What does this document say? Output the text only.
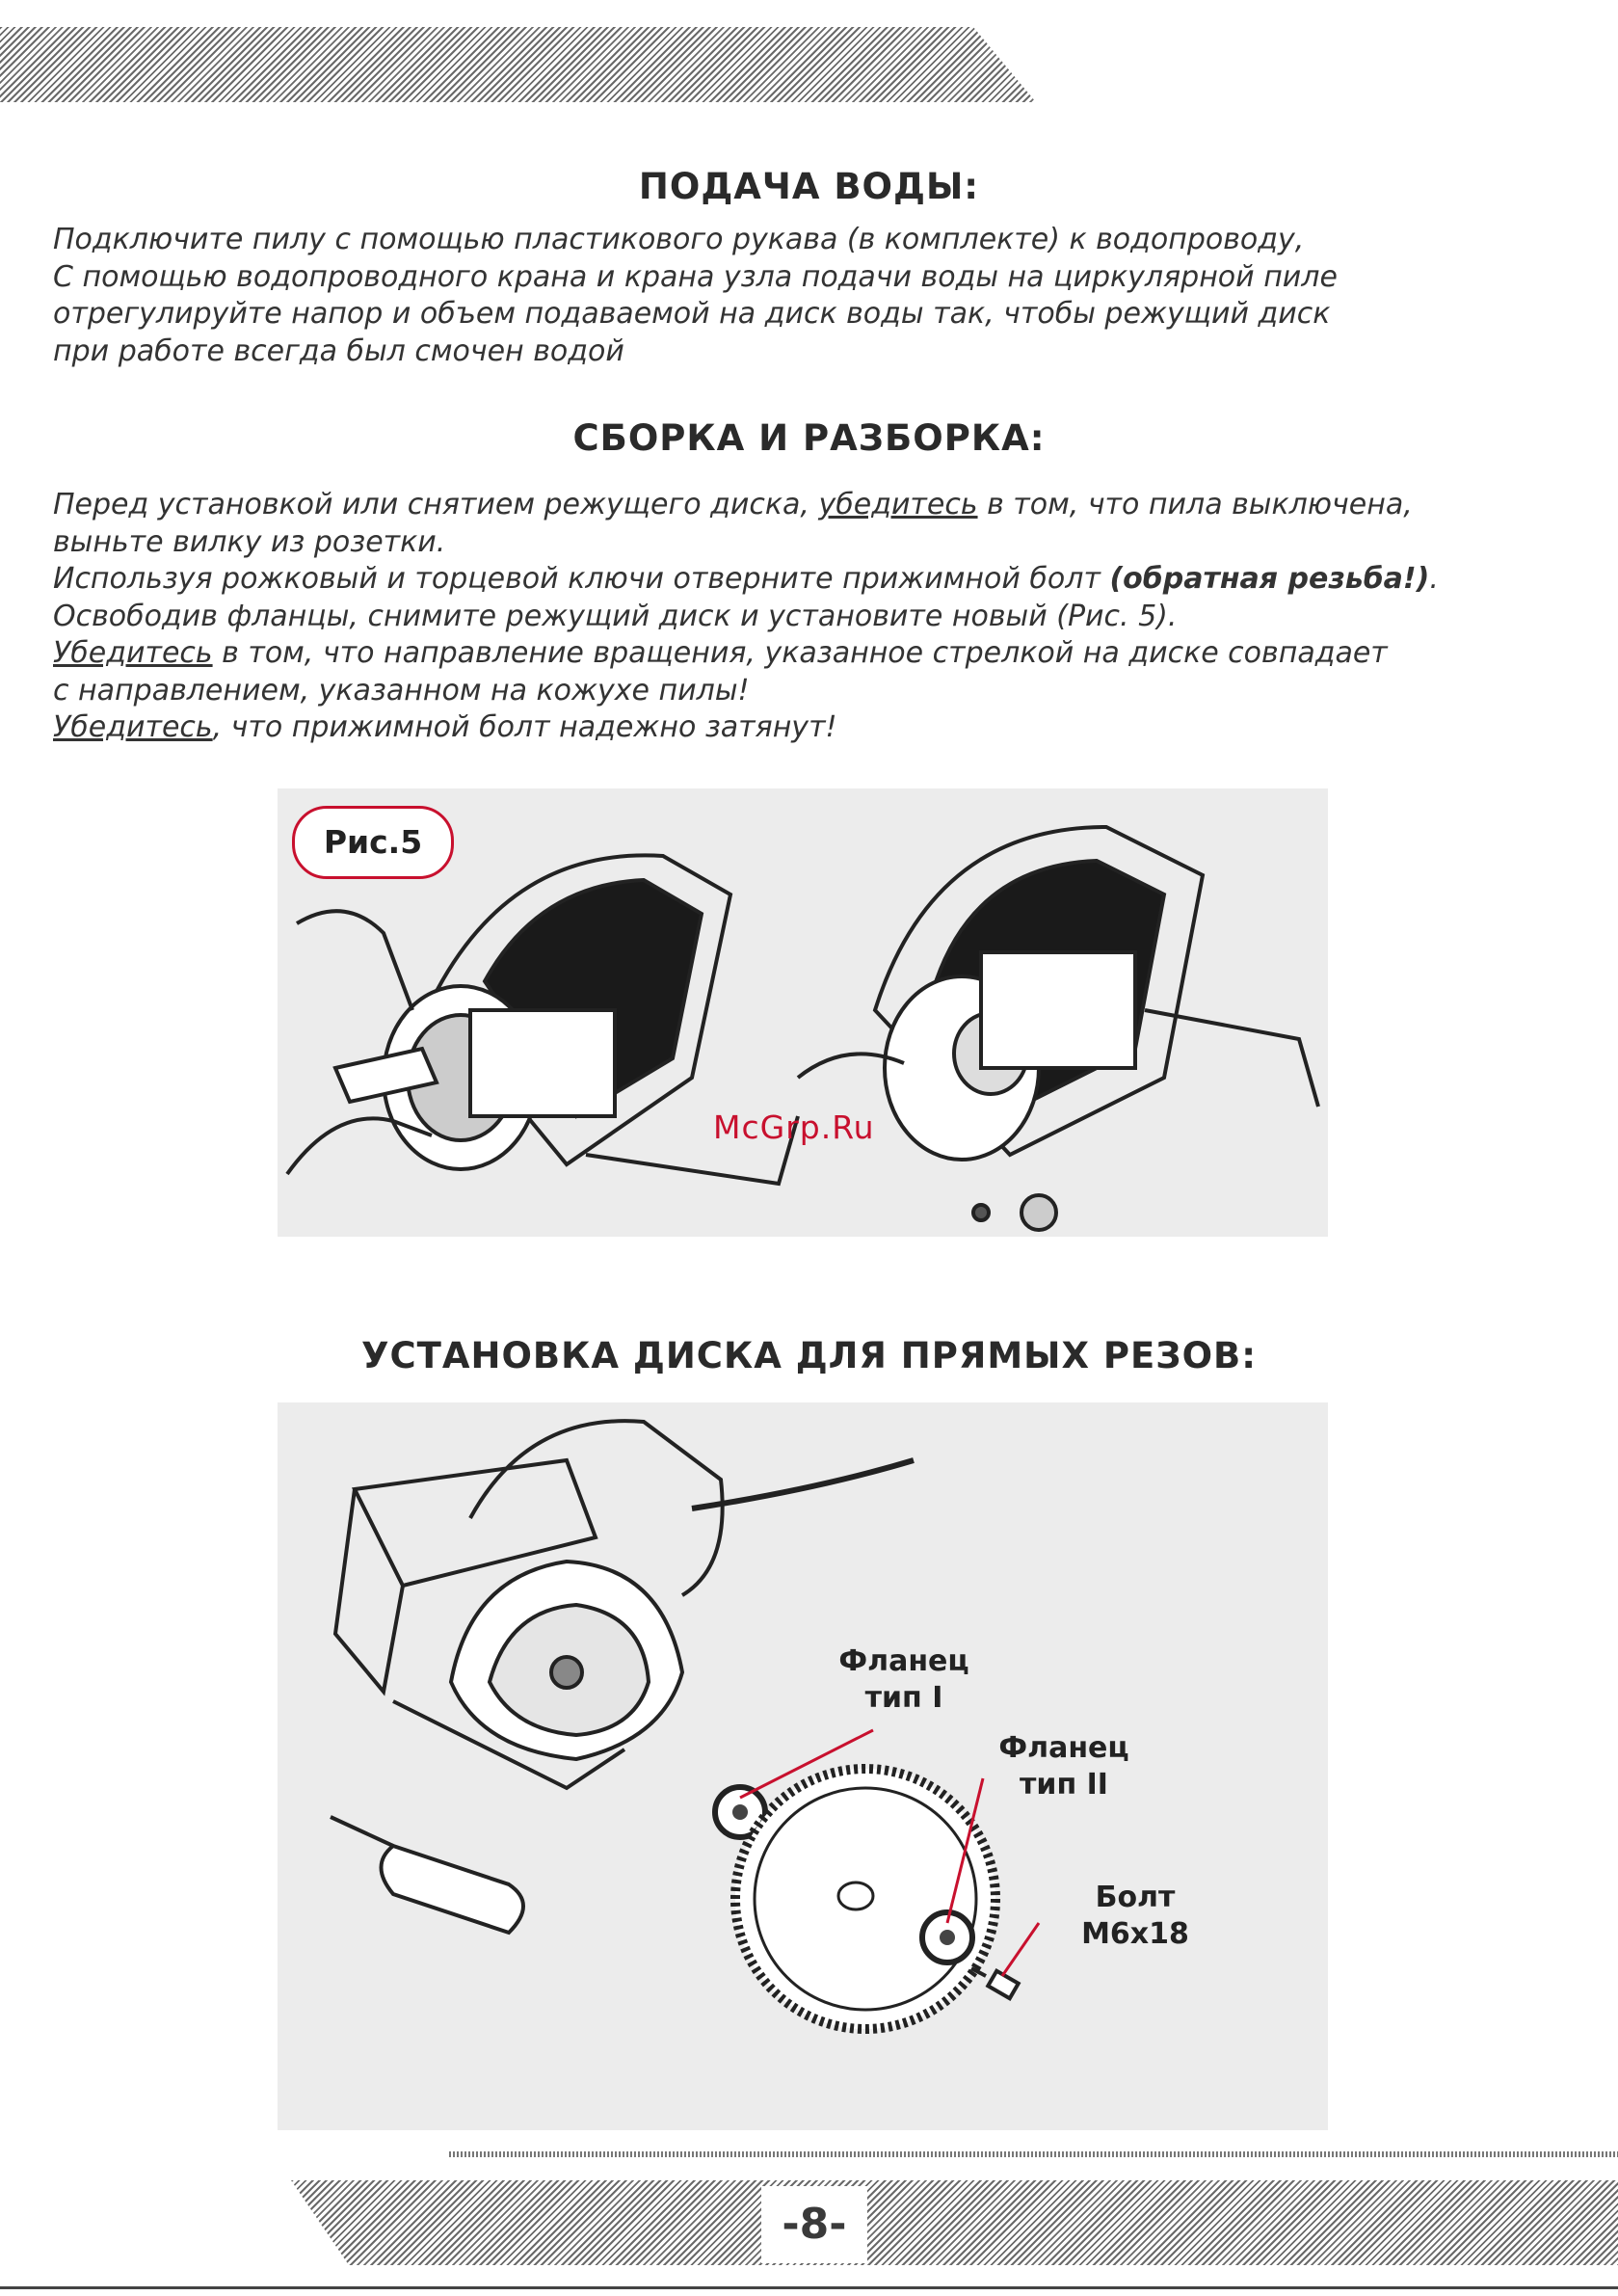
ПОДАЧА ВОДЫ:

Подключите пилу с помощью пластикового рукава (в комплекте) к водопроводу,

С помощью водопроводного крана и крана узла подачи воды на циркулярной пиле

отрегулируйте напор и объем подаваемой на диск воды так, чтобы режущий диск

при работе всегда был смочен водой

СБОРКА И РАЗБОРКА:

Перед установкой или снятием режущего диска, убедитесь в том, что пила выключена,

выньте вилку из розетки.

Используя рожковый и торцевой ключи отверните прижимной болт (обратная резьба!).

Освободив фланцы, снимите режущий диск и установите новый (Рис. 5).

Убедитесь в том, что направление вращения, указанное стрелкой на диске совпадает

с направлением, указанном на кожухе пилы!

Убедитесь, что прижимной болт надежно затянут!

Рис.5
McGrp.Ru
УСТАНОВКА ДИСКА ДЛЯ ПРЯМЫХ РЕЗОВ:
Фланец
тип I
Фланец
тип II
Болт
М6х18
-8-
